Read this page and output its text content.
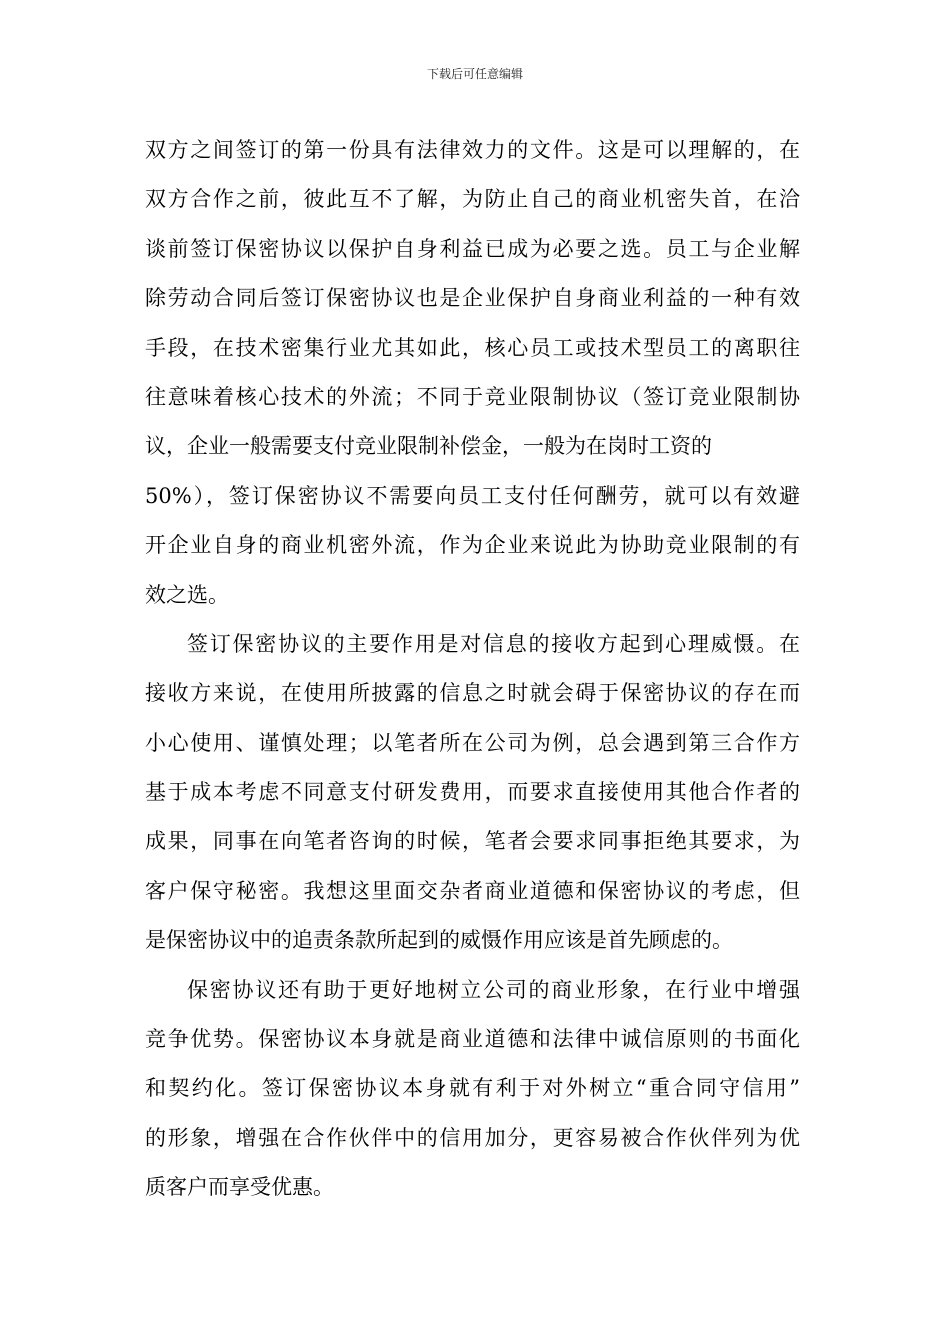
下载后可任意编辑
双方之间签订的第一份具有法律效力的文件。这是可以理解的，在
双方合作之前，彼此互不了解，为防止自己的商业机密失首，在洽
谈前签订保密协议以保护自身利益已成为必要之选。员工与企业解
除劳动合同后签订保密协议也是企业保护自身商业利益的一种有效
手段，在技术密集行业尤其如此，核心员工或技术型员工的离职往
往意味着核心技术的外流；不同于竞业限制协议（签订竞业限制协
议，企业一般需要支付竞业限制补偿金，一般为在岗时工资的
50%），签订保密协议不需要向员工支付任何酬劳，就可以有效避
开企业自身的商业机密外流，作为企业来说此为协助竞业限制的有
效之选。
签订保密协议的主要作用是对信息的接收方起到心理威慑。在
接收方来说，在使用所披露的信息之时就会碍于保密协议的存在而
小心使用、谨慎处理；以笔者所在公司为例，总会遇到第三合作方
基于成本考虑不同意支付研发费用，而要求直接使用其他合作者的
成果，同事在向笔者咨询的时候，笔者会要求同事拒绝其要求，为
客户保守秘密。我想这里面交杂者商业道德和保密协议的考虑，但
是保密协议中的追责条款所起到的威慑作用应该是首先顾虑的。
保密协议还有助于更好地树立公司的商业形象，在行业中增强
竞争优势。保密协议本身就是商业道德和法律中诚信原则的书面化
和契约化。签订保密协议本身就有利于对外树立“重合同守信用”
的形象，增强在合作伙伴中的信用加分，更容易被合作伙伴列为优
质客户而享受优惠。
